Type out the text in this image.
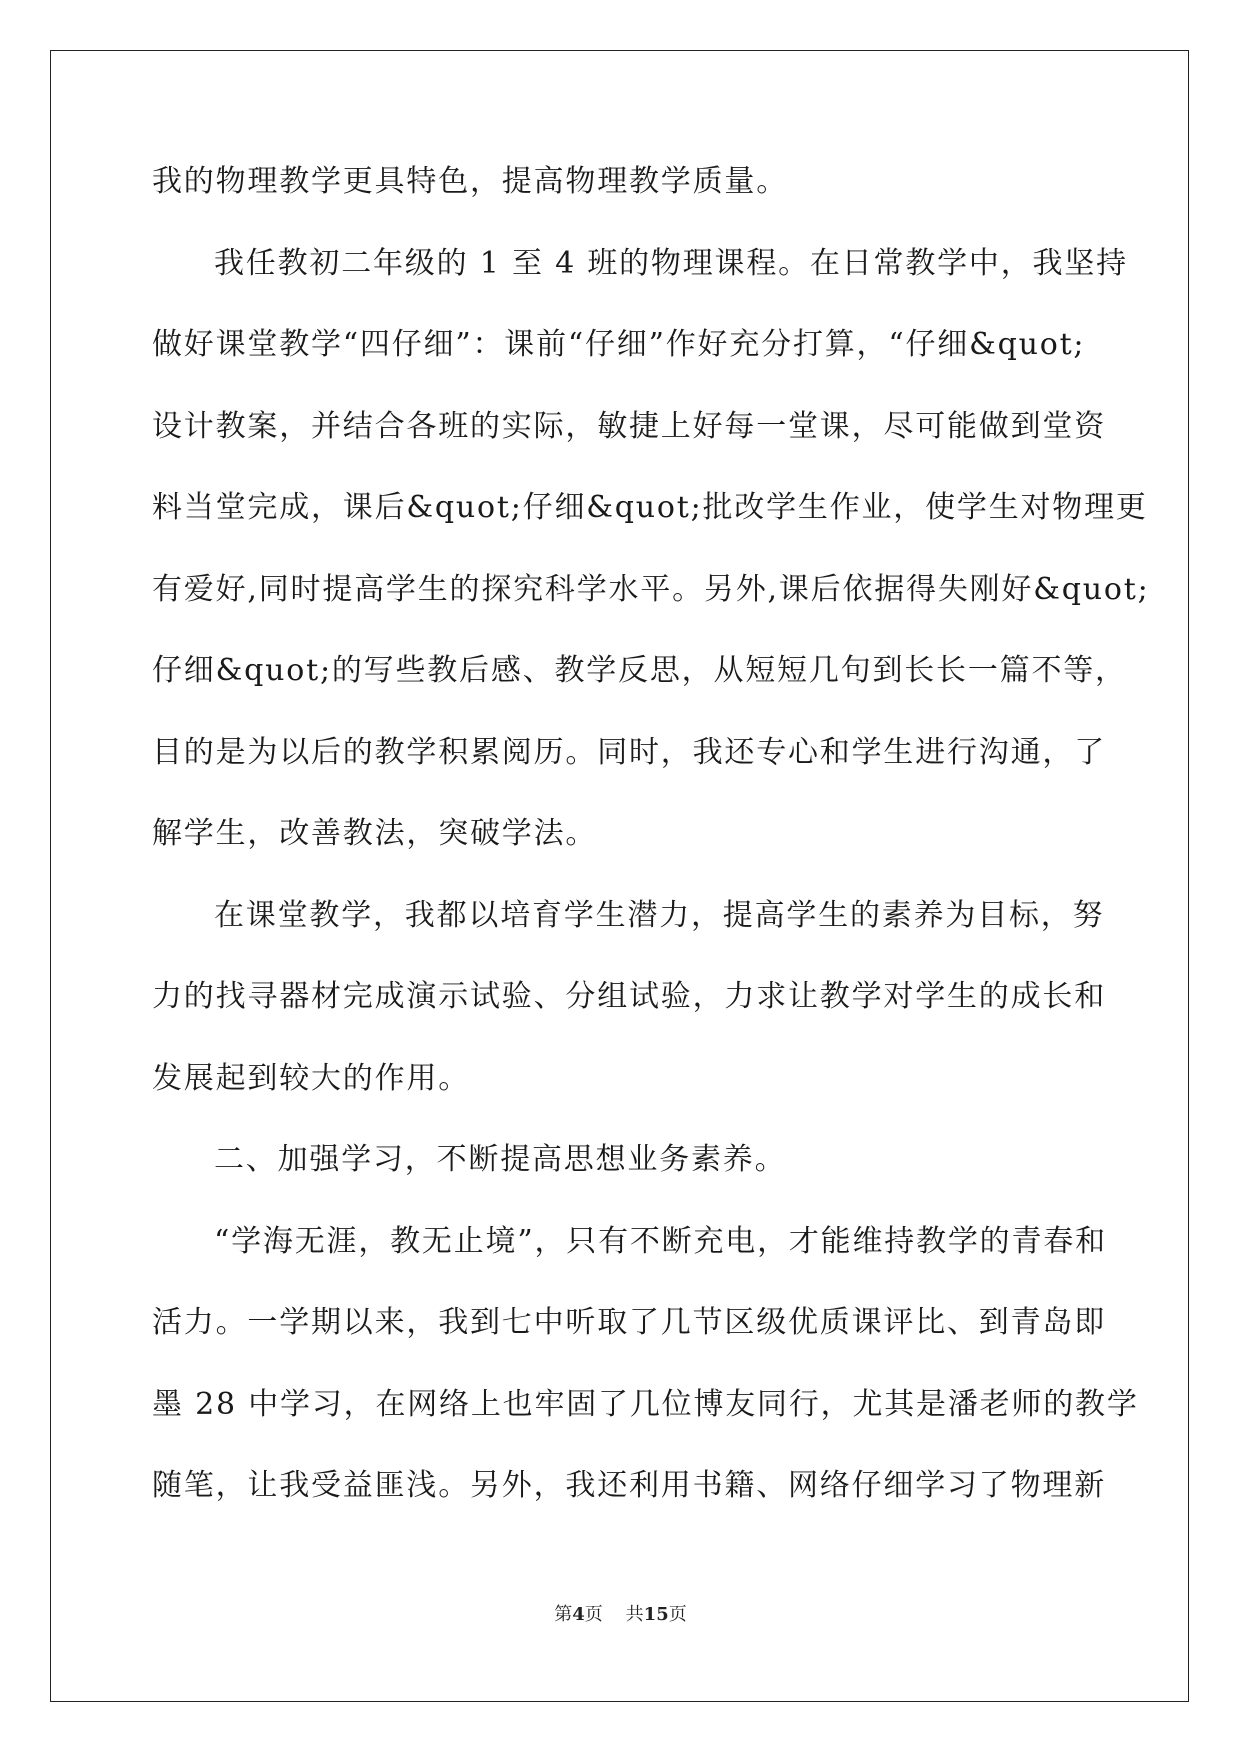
我的物理教学更具特色，提高物理教学质量。
我任教初二年级的 1 至 4 班的物理课程。在日常教学中，我坚持
做好课堂教学“四仔细”：课前“仔细”作好充分打算，“仔细&quot;
设计教案，并结合各班的实际，敏捷上好每一堂课，尽可能做到堂资
料当堂完成，课后&quot;仔细&quot;批改学生作业，使学生对物理更
有爱好,同时提高学生的探究科学水平。另外,课后依据得失刚好&quot;
仔细&quot;的写些教后感、教学反思，从短短几句到长长一篇不等，
目的是为以后的教学积累阅历。同时，我还专心和学生进行沟通，了
解学生，改善教法，突破学法。
在课堂教学，我都以培育学生潜力，提高学生的素养为目标，努
力的找寻器材完成演示试验、分组试验，力求让教学对学生的成长和
发展起到较大的作用。
二、加强学习，不断提高思想业务素养。
“学海无涯，教无止境”，只有不断充电，才能维持教学的青春和
活力。一学期以来，我到七中听取了几节区级优质课评比、到青岛即
墨 28 中学习，在网络上也牢固了几位博友同行，尤其是潘老师的教学
随笔，让我受益匪浅。另外，我还利用书籍、网络仔细学习了物理新
第4页 共15页
